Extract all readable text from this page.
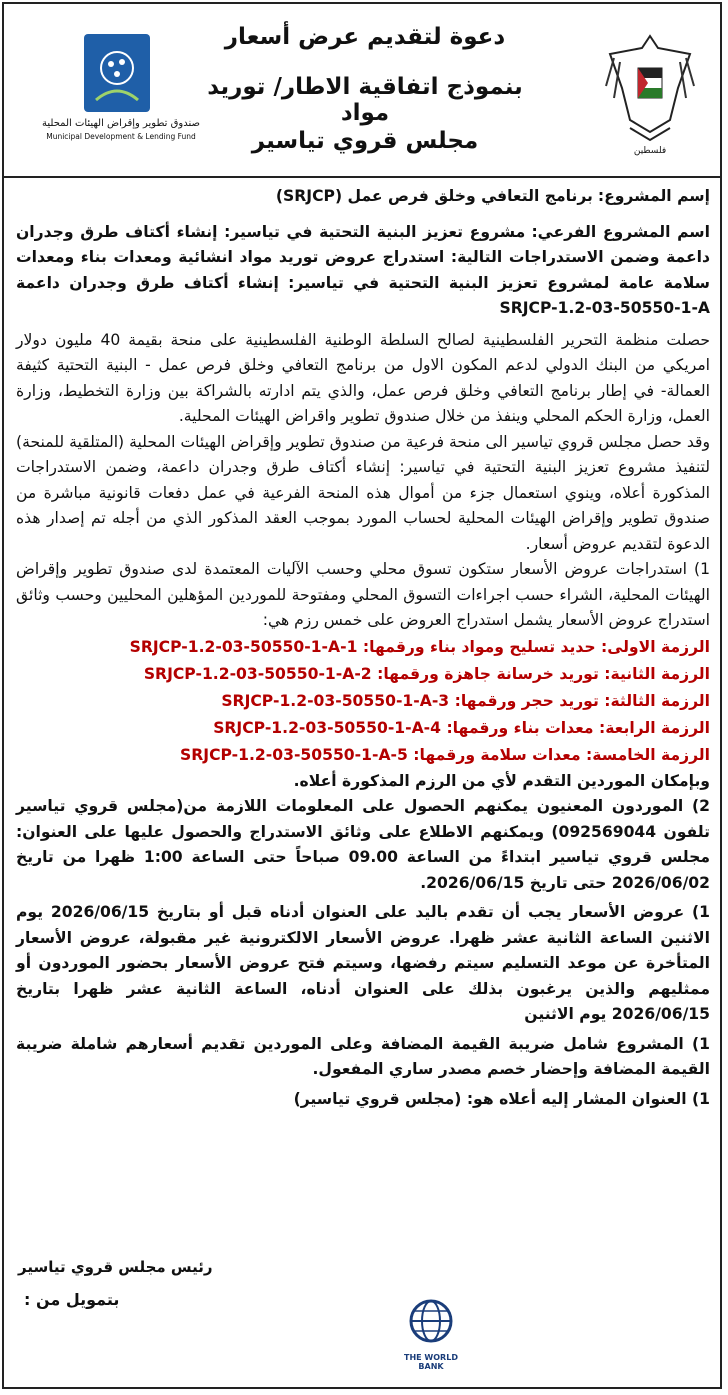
دعوة لتقديم عرض أسعار
بنموذج اتفاقية الاطار/ توريد مواد
مجلس قروي تياسير
صندوق تطوير وإقراض الهيئات المحلية
Municipal Development & Lending Fund
فلسطين

إسم المشروع: برنامج التعافي وخلق فرص عمل (SRJCP)

اسم المشروع الفرعي: مشروع تعزيز البنية التحتية في تياسير: إنشاء أكتاف طرق وجدران داعمة وضمن الاستدراجات التالية: استدراج عروض توريد مواد انشائية ومعدات بناء ومعدات سلامة عامة لمشروع تعزيز البنية التحتية في تياسير: إنشاء أكتاف طرق وجدران داعمة SRJCP-1.2-03-50550-1-A

حصلت منظمة التحرير الفلسطينية لصالح السلطة الوطنية الفلسطينية على منحة بقيمة 40 مليون دولار امريكي من البنك الدولي لدعم المكون الاول من برنامج التعافي وخلق فرص عمل - البنية التحتية كثيفة العمالة- في إطار برنامج التعافي وخلق فرص عمل، والذي يتم ادارته بالشراكة بين وزارة التخطيط، وزارة العمل، وزارة الحكم المحلي وينفذ من خلال صندوق تطوير واقراض الهيئات المحلية.

وقد حصل مجلس قروي تياسير الى منحة فرعية من صندوق تطوير وإقراض الهيئات المحلية (المتلقية للمنحة) لتنفيذ مشروع تعزيز البنية التحتية في تياسير: إنشاء أكتاف طرق وجدران داعمة، وضمن الاستدراجات المذكورة أعلاه، وينوي استعمال جزء من أموال هذه المنحة الفرعية في عمل دفعات قانونية مباشرة من صندوق تطوير وإقراض الهيئات المحلية لحساب المورد بموجب العقد المذكور الذي من أجله تم إصدار هذه الدعوة لتقديم عروض أسعار.

1) استدراجات عروض الأسعار ستكون تسوق محلي وحسب الآليات المعتمدة لدى صندوق تطوير وإقراض الهيئات المحلية، الشراء حسب اجراءات التسوق المحلي ومفتوحة للموردين المؤهلين المحليين وحسب وثائق استدراج عروض الأسعار يشمل استدراج العروض على خمس رزم هي:

الرزمة الاولى: حديد تسليح ومواد بناء ورقمها: SRJCP-1.2-03-50550-1-A-1

الرزمة الثانية: توريد خرسانة جاهزة ورقمها: SRJCP-1.2-03-50550-1-A-2

الرزمة الثالثة: توريد حجر ورقمها: SRJCP-1.2-03-50550-1-A-3

الرزمة الرابعة: معدات بناء ورقمها: SRJCP-1.2-03-50550-1-A-4

الرزمة الخامسة: معدات سلامة ورقمها: SRJCP-1.2-03-50550-1-A-5

وبإمكان الموردين التقدم لأي من الرزم المذكورة أعلاه.

2) الموردون المعنيون يمكنهم الحصول على المعلومات اللازمة من(مجلس قروي تياسير تلفون 092569044) ويمكنهم الاطلاع على وثائق الاستدراج والحصول عليها على العنوان: مجلس قروي تياسير ابتداءً من الساعة 09.00 صباحاً حتى الساعة 1:00 ظهرا من تاريخ 2026/06/02 حتى تاريخ 2026/06/15.

1) عروض الأسعار يجب أن تقدم باليد على العنوان أدناه قبل أو بتاريخ 2026/06/15 يوم الاثنين الساعة الثانية عشر ظهرا. عروض الأسعار الالكترونية غير مقبولة، عروض الأسعار المتأخرة عن موعد التسليم سيتم رفضها، وسيتم فتح عروض الأسعار بحضور الموردون أو ممثليهم والذين يرغبون بذلك على العنوان أدناه، الساعة الثانية عشر ظهرا بتاريخ 2026/06/15 يوم الاثنين

1) المشروع شامل ضريبة القيمة المضافة وعلى الموردين تقديم أسعارهم شاملة ضريبة القيمة المضافة وإحضار خصم مصدر ساري المفعول.

1) العنوان المشار إليه أعلاه هو: (مجلس قروي تياسير)

رئيس مجلس قروي تياسير
بتمويل من :
THE WORLD BANK
